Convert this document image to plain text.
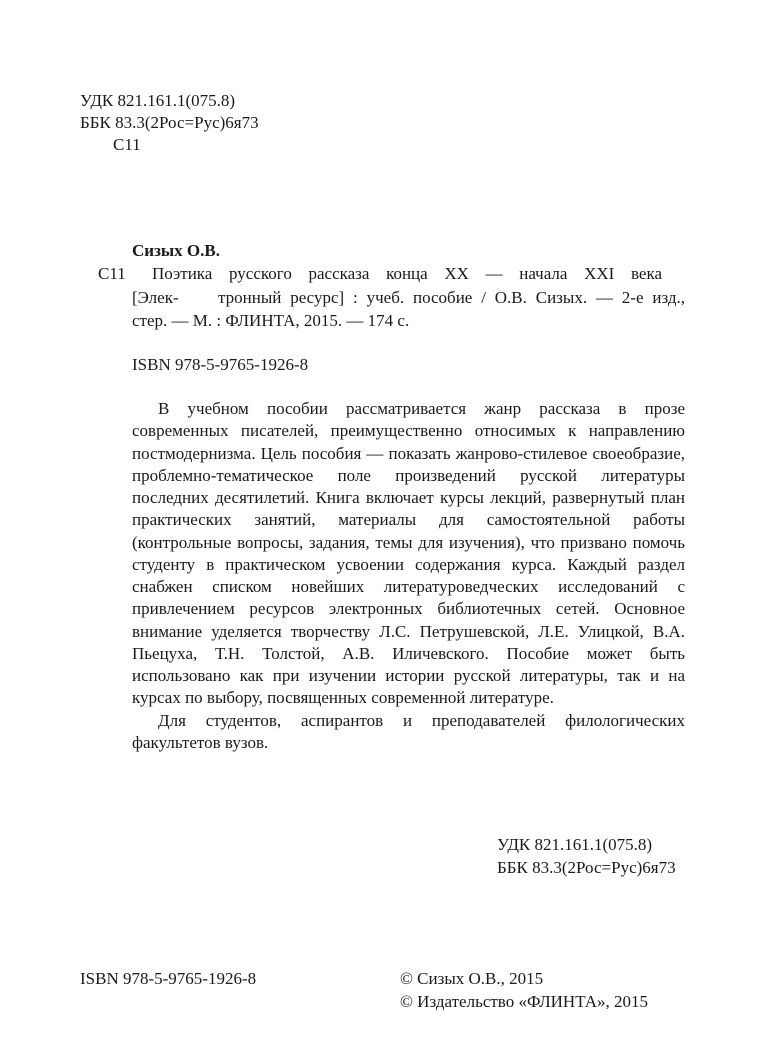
УДК 821.161.1(075.8)
ББК 83.3(2Рос=Рус)6я73
С11
Сизых О.В.
С11 Поэтика русского рассказа конца XX — начала XXI века
[Элек- тронный ресурс] : учеб. пособие / О.В. Сизых. — 2-е изд.,
стер. — М. : ФЛИНТА, 2015. — 174 с.
ISBN 978-5-9765-1926-8

В учебном пособии рассматривается жанр рассказа в прозе современных писателей, преимущественно относимых к направлению постмодернизма. Цель пособия — показать жанрово-стилевое своеобразие, проблемно-тематическое поле произведений русской литературы последних десятилетий. Книга включает курсы лекций, развернутый план практических занятий, материалы для самостоятельной работы (контрольные вопросы, задания, темы для изучения), что призвано помочь студенту в практическом усвоении содержания курса. Каждый раздел снабжен списком новейших литературоведческих исследований с привлечением ресурсов электронных библиотечных сетей. Основное внимание уделяется творчеству Л.С. Петрушевской, Л.Е. Улицкой, В.А. Пьецуха, Т.Н. Толстой, А.В. Иличевского. Пособие может быть использовано как при изучении истории русской литературы, так и на курсах по выбору, посвященных современной литературе.

Для студентов, аспирантов и преподавателей филологических факультетов вузов.

УДК 821.161.1(075.8)
ББК 83.3(2Рос=Рус)6я73
ISBN 978-5-9765-1926-8	© Сизых О.В., 2015
© Издательство «ФЛИНТА», 2015
